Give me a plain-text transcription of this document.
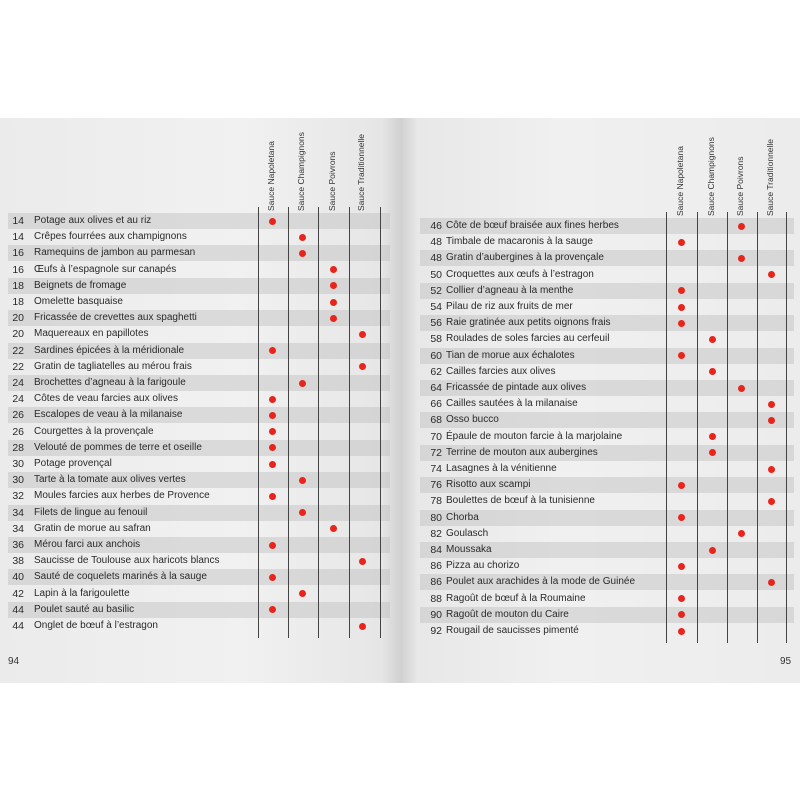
14 Potage aux olives et au riz
14 Crêpes fourrées aux champignons
16 Ramequins de jambon au parmesan
16 Œufs à l’espagnole sur canapés
18 Beignets de fromage
18 Omelette basquaise
20 Fricassée de crevettes aux spaghetti
20 Maquereaux en papillotes
22 Sardines épicées à la méridionale
22 Gratin de tagliatelles au mérou frais
24 Brochettes d’agneau à la farigoule
24 Côtes de veau farcies aux olives
26 Escalopes de veau à la milanaise
26 Courgettes à la provençale
28 Velouté de pommes de terre et oseille
30 Potage provençal
30 Tarte à la tomate aux olives vertes
32 Moules farcies aux herbes de Provence
34 Filets de lingue au fenouil
34 Gratin de morue au safran
36 Mérou farci aux anchois
38 Saucisse de Toulouse aux haricots blancs
40 Sauté de coquelets marinés à la sauge
42 Lapin à la farigoulette
44 Poulet sauté au basilic
44 Onglet de bœuf à l’estragon
Sauce Napoletana Sauce Champignons Sauce Poivrons Sauce Traditionnelle
94
46 Côte de bœuf braisée aux fines herbes
48 Timbale de macaronis à la sauge
48 Gratin d’aubergines à la provençale
50 Croquettes aux œufs à l’estragon
52 Collier d’agneau à la menthe
54 Pilau de riz aux fruits de mer
56 Raie gratinée aux petits oignons frais
58 Roulades de soles farcies au cerfeuil
60 Tian de morue aux échalotes
62 Cailles farcies aux olives
64 Fricassée de pintade aux olives
66 Cailles sautées à la milanaise
68 Osso bucco
70 Épaule de mouton farcie à la marjolaine
72 Terrine de mouton aux aubergines
74 Lasagnes à la vénitienne
76 Risotto aux scampi
78 Boulettes de bœuf à la tunisienne
80 Chorba
82 Goulasch
84 Moussaka
86 Pizza au chorizo
86 Poulet aux arachides à la mode de Guinée
88 Ragoût de bœuf à la Roumaine
90 Ragoût de mouton du Caire
92 Rougail de saucisses pimenté
Sauce Napoletana Sauce Champignons Sauce Poivrons Sauce Traditionnelle
95
